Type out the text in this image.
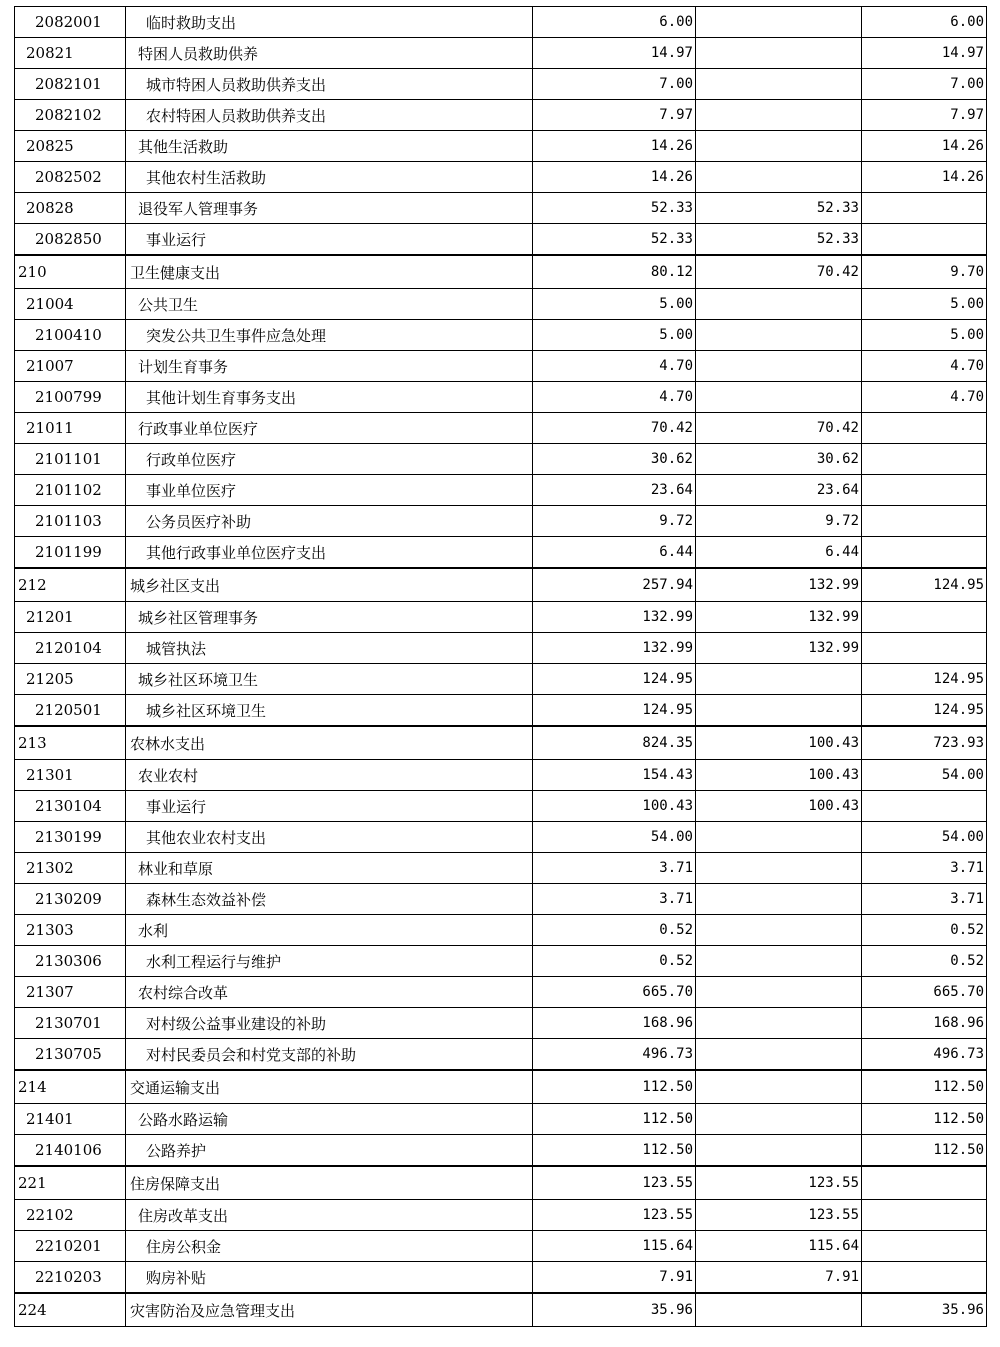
2082001	临时救助支出	6.00		6.00
20821	特困人员救助供养	14.97		14.97
2082101	城市特困人员救助供养支出	7.00		7.00
2082102	农村特困人员救助供养支出	7.97		7.97
20825	其他生活救助	14.26		14.26
2082502	其他农村生活救助	14.26		14.26
20828	退役军人管理事务	52.33	52.33	
2082850	事业运行	52.33	52.33	
210	卫生健康支出	80.12	70.42	9.70
21004	公共卫生	5.00		5.00
2100410	突发公共卫生事件应急处理	5.00		5.00
21007	计划生育事务	4.70		4.70
2100799	其他计划生育事务支出	4.70		4.70
21011	行政事业单位医疗	70.42	70.42	
2101101	行政单位医疗	30.62	30.62	
2101102	事业单位医疗	23.64	23.64	
2101103	公务员医疗补助	9.72	9.72	
2101199	其他行政事业单位医疗支出	6.44	6.44	
212	城乡社区支出	257.94	132.99	124.95
21201	城乡社区管理事务	132.99	132.99	
2120104	城管执法	132.99	132.99	
21205	城乡社区环境卫生	124.95		124.95
2120501	城乡社区环境卫生	124.95		124.95
213	农林水支出	824.35	100.43	723.93
21301	农业农村	154.43	100.43	54.00
2130104	事业运行	100.43	100.43	
2130199	其他农业农村支出	54.00		54.00
21302	林业和草原	3.71		3.71
2130209	森林生态效益补偿	3.71		3.71
21303	水利	0.52		0.52
2130306	水利工程运行与维护	0.52		0.52
21307	农村综合改革	665.70		665.70
2130701	对村级公益事业建设的补助	168.96		168.96
2130705	对村民委员会和村党支部的补助	496.73		496.73
214	交通运输支出	112.50		112.50
21401	公路水路运输	112.50		112.50
2140106	公路养护	112.50		112.50
221	住房保障支出	123.55	123.55	
22102	住房改革支出	123.55	123.55	
2210201	住房公积金	115.64	115.64	
2210203	购房补贴	7.91	7.91	
224	灾害防治及应急管理支出	35.96		35.96
